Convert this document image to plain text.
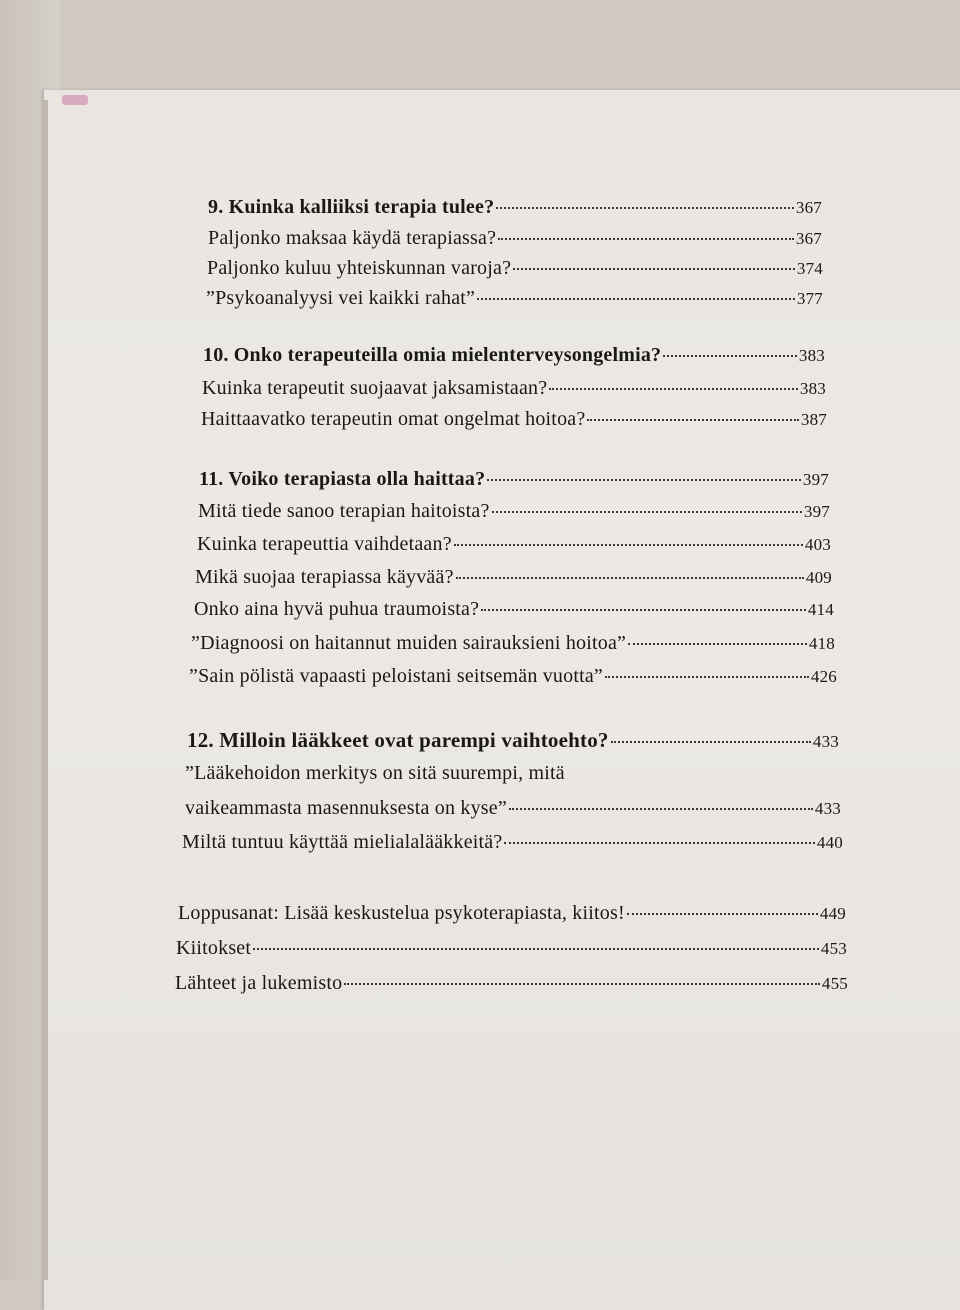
9. Kuinka kalliiksi terapia tulee?	367
Paljonko maksaa käydä terapiassa?	367
Paljonko kuluu yhteiskunnan varoja?	374
”Psykoanalyysi vei kaikki rahat”	377
10. Onko terapeuteilla omia mielenterveysongelmia?	383
Kuinka terapeutit suojaavat jaksamistaan?	383
Haittaavatko terapeutin omat ongelmat hoitoa?	387
11. Voiko terapiasta olla haittaa?	397
Mitä tiede sanoo terapian haitoista?	397
Kuinka terapeuttia vaihdetaan?	403
Mikä suojaa terapiassa käyvää?	409
Onko aina hyvä puhua traumoista?	414
”Diagnoosi on haitannut muiden sairauksieni hoitoa”	418
”Sain pölistä vapaasti peloistani seitsemän vuotta”	426
12. Milloin lääkkeet ovat parempi vaihtoehto?	433
”Lääkehoidon merkitys on sitä suurempi, mitä
vaikeammasta masennuksesta on kyse”	433
Miltä tuntuu käyttää mielialalääkkeitä?	440
Loppusanat: Lisää keskustelua psykoterapiasta, kiitos!	449
Kiitokset	453
Lähteet ja lukemisto	455
